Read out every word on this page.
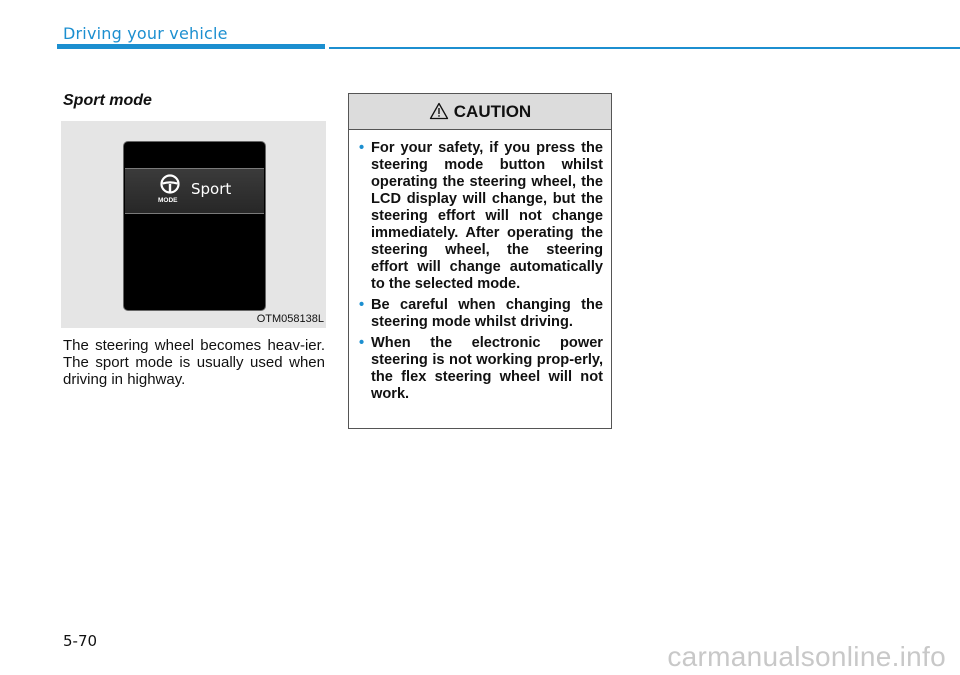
Driving your vehicle
Sport mode
MODE
Sport
OTM058138L
The steering wheel becomes heav-ier. The sport mode is usually used when driving in highway.
CAUTION
• For your safety, if you press the steering mode button whilst operating the steering wheel, the LCD display will change, but the steering effort will not change immediately. After operating the steering wheel, the steering effort will change automatically to the selected mode.
• Be careful when changing the steering mode whilst driving.
• When the electronic power steering is not working prop-erly, the flex steering wheel will not work.
5-70	carmanualsonline.info
